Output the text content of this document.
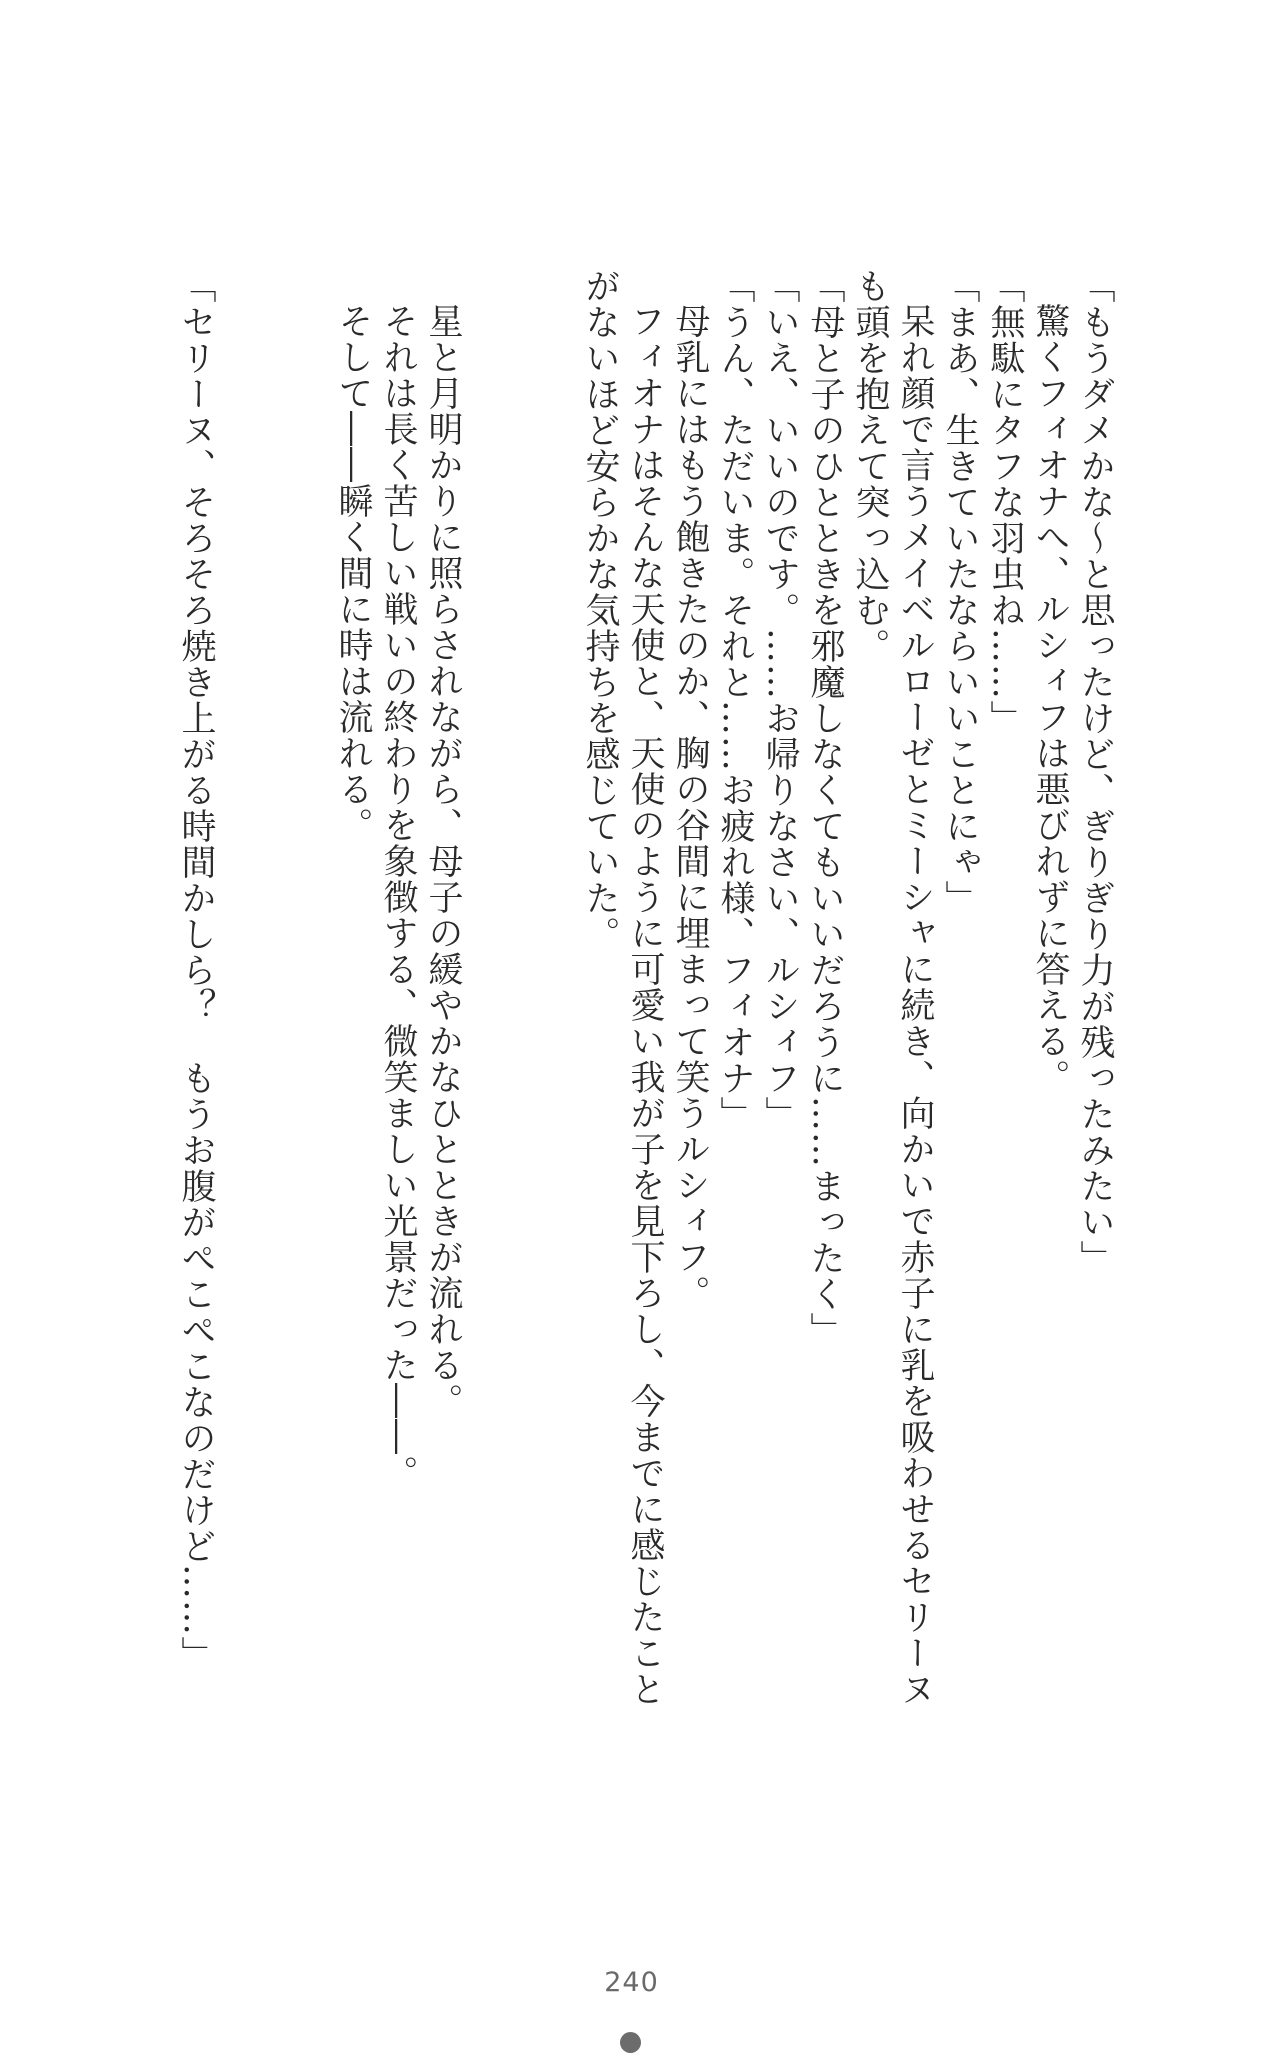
「もうダメかな～と思ったけど、ぎりぎり力が残ったみたい」

驚くフィオナへ、ルシィフは悪びれずに答える。

「無駄にタフな羽虫ね……」

「まあ、生きていたならいいことにゃ」

呆れ顔で言うメイベルローゼとミーシャに続き、向かいで赤子に乳を吸わせるセリーヌ

も頭を抱えて突っ込む。

「母と子のひとときを邪魔しなくてもいいだろうに……まったく」

「いえ、いいのです。……お帰りなさい、ルシィフ」

「うん、ただいま。それと……お疲れ様、フィオナ」

母乳にはもう飽きたのか、胸の谷間に埋まって笑うルシィフ。

フィオナはそんな天使と、天使のように可愛い我が子を見下ろし、今までに感じたこと

がないほど安らかな気持ちを感じていた。

星と月明かりに照らされながら、母子の緩やかなひとときが流れる。

それは長く苦しい戦いの終わりを象徴する、微笑ましい光景だった――。

そして――瞬く間に時は流れる。

「セリーヌ、そろそろ焼き上がる時間かしら？　もうお腹がぺこぺこなのだけど……」

240
